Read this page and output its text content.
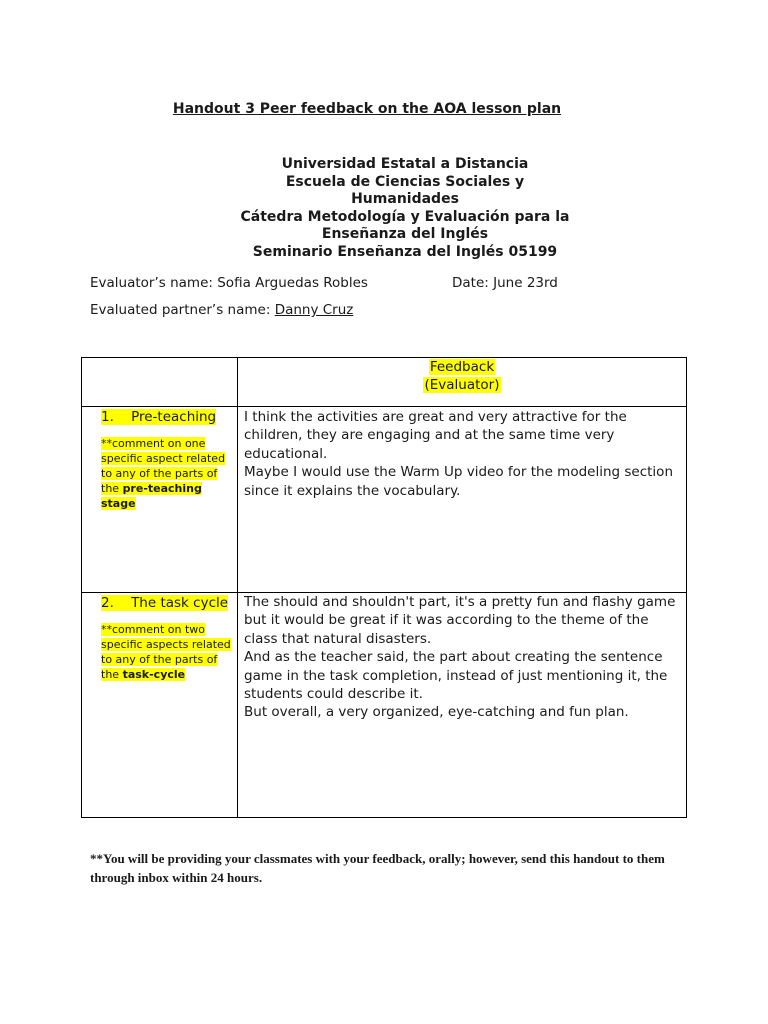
Handout 3 Peer feedback on the AOA lesson plan
Universidad Estatal a Distancia
Escuela de Ciencias Sociales y
Humanidades
Cátedra Metodología y Evaluación para la
Enseñanza del Inglés
Seminario Enseñanza del Inglés 05199
Evaluator’s name: Sofia Arguedas Robles	Date: June 23rd
Evaluated partner’s name: Danny Cruz
Feedback
(Evaluator)
1. Pre-teaching
**comment on one specific aspect related to any of the parts of the pre-teaching stage

I think the activities are great and very attractive for the children, they are engaging and at the same time very educational.

Maybe I would use the Warm Up video for the modeling section since it explains the vocabulary.

2. The task cycle
**comment on two specific aspects related to any of the parts of the task-cycle

The should and shouldn't part, it's a pretty fun and flashy game but it would be great if it was according to the theme of the class that natural disasters.

And as the teacher said, the part about creating the sentence game in the task completion, instead of just mentioning it, the students could describe it.

But overall, a very organized, eye-catching and fun plan.

**You will be providing your classmates with your feedback, orally; however, send this handout to them through inbox within 24 hours.
